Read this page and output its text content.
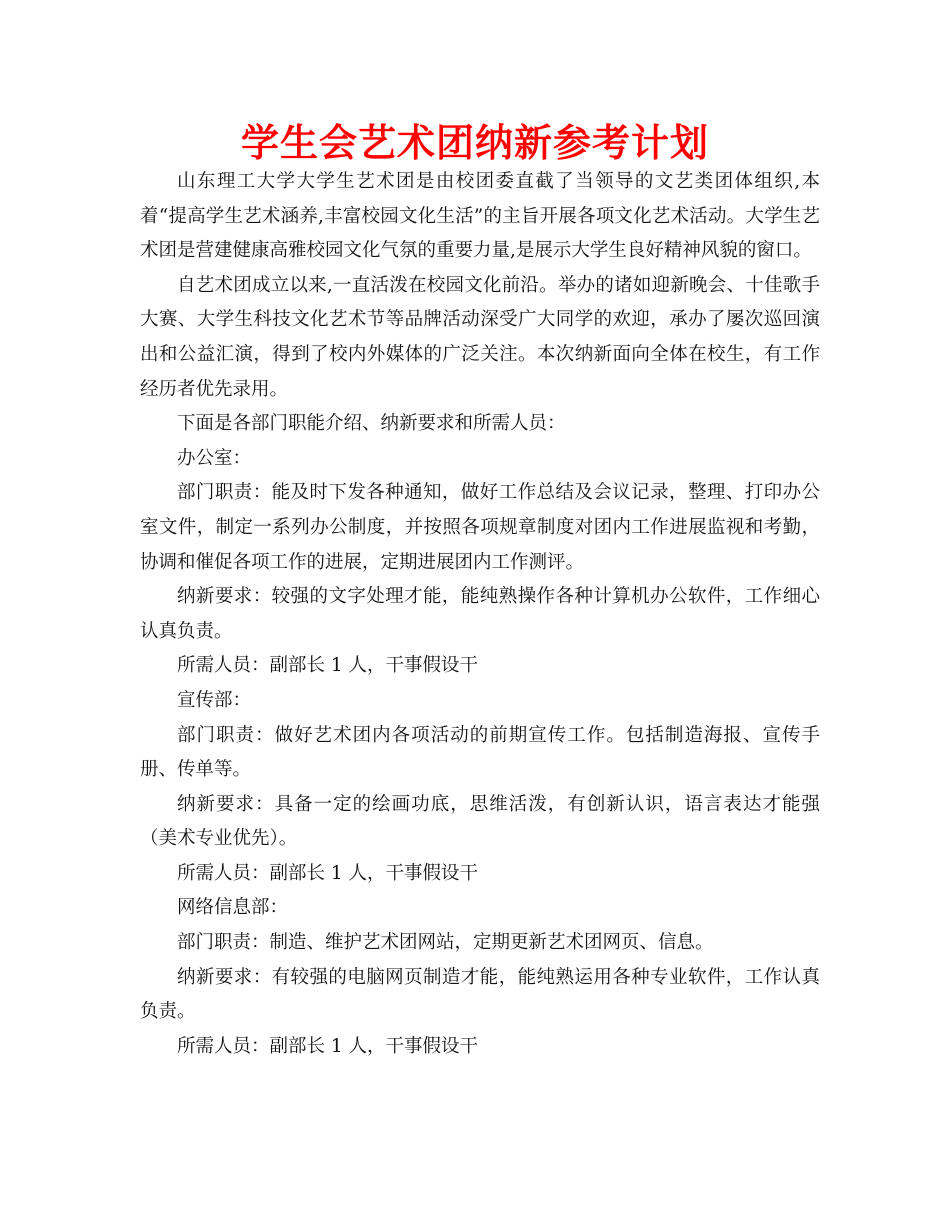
学生会艺术团纳新参考计划

山东理工大学大学生艺术团是由校团委直截了当领导的文艺类团体组织,本着“提高学生艺术涵养,丰富校园文化生活”的主旨开展各项文化艺术活动。大学生艺术团是营建健康高雅校园文化气氛的重要力量,是展示大学生良好精神风貌的窗口。

自艺术团成立以来,一直活泼在校园文化前沿。举办的诸如迎新晚会、十佳歌手大赛、大学生科技文化艺术节等品牌活动深受广大同学的欢迎，承办了屡次巡回演出和公益汇演，得到了校内外媒体的广泛关注。本次纳新面向全体在校生，有工作经历者优先录用。

下面是各部门职能介绍、纳新要求和所需人员：

办公室：

部门职责：能及时下发各种通知，做好工作总结及会议记录，整理、打印办公室文件，制定一系列办公制度，并按照各项规章制度对团内工作进展监视和考勤，协调和催促各项工作的进展，定期进展团内工作测评。

纳新要求：较强的文字处理才能，能纯熟操作各种计算机办公软件，工作细心认真负责。

所需人员：副部长 1 人，干事假设干

宣传部：

部门职责：做好艺术团内各项活动的前期宣传工作。包括制造海报、宣传手册、传单等。

纳新要求：具备一定的绘画功底，思维活泼，有创新认识，语言表达才能强（美术专业优先）。

所需人员：副部长 1 人，干事假设干

网络信息部：

部门职责：制造、维护艺术团网站，定期更新艺术团网页、信息。

纳新要求：有较强的电脑网页制造才能，能纯熟运用各种专业软件，工作认真负责。

所需人员：副部长 1 人，干事假设干
